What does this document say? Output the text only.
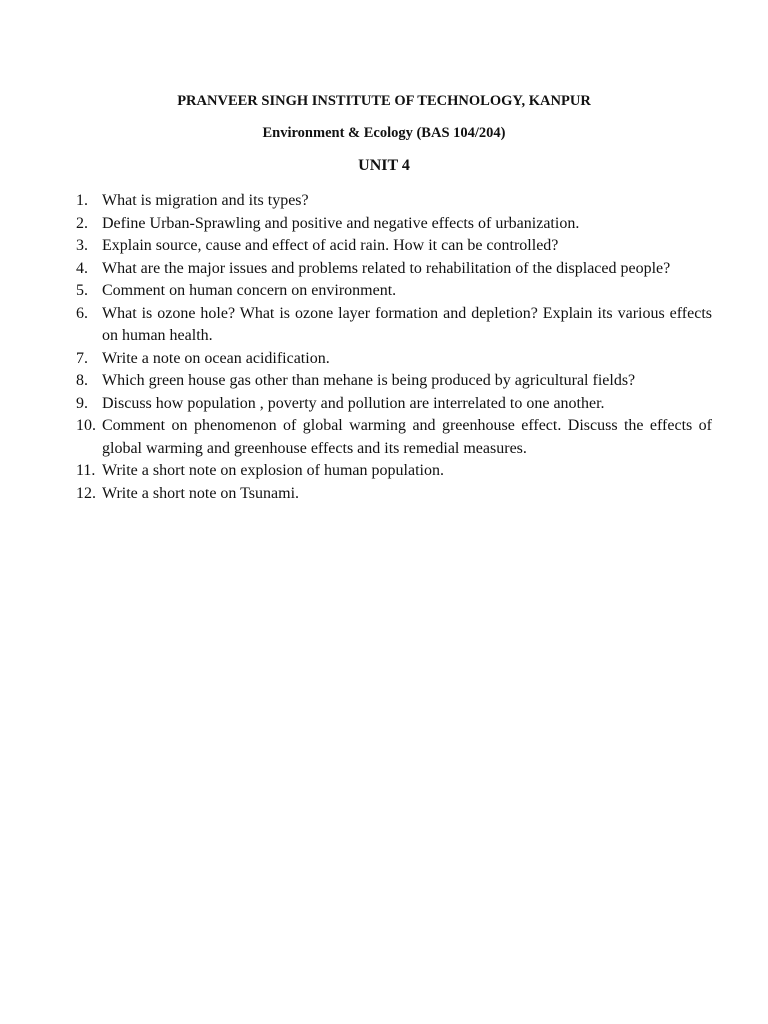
PRANVEER SINGH INSTITUTE OF TECHNOLOGY, KANPUR
Environment & Ecology (BAS 104/204)
UNIT 4
1. What is migration and its types?
2. Define Urban-Sprawling and positive and negative effects of urbanization.
3. Explain source, cause and effect of acid rain. How it can be controlled?
4. What are the major issues and problems related to rehabilitation of the displaced people?
5. Comment on human concern on environment.
6. What is ozone hole? What is ozone layer formation and depletion? Explain its various effects on human health.
7. Write a note on ocean acidification.
8. Which green house gas other than mehane is being produced by agricultural fields?
9. Discuss how population , poverty and pollution are interrelated to one another.
10. Comment on phenomenon of global warming and greenhouse effect. Discuss the effects of global warming and greenhouse effects and its remedial measures.
11. Write a short note on explosion of human population.
12. Write a short note on Tsunami.
